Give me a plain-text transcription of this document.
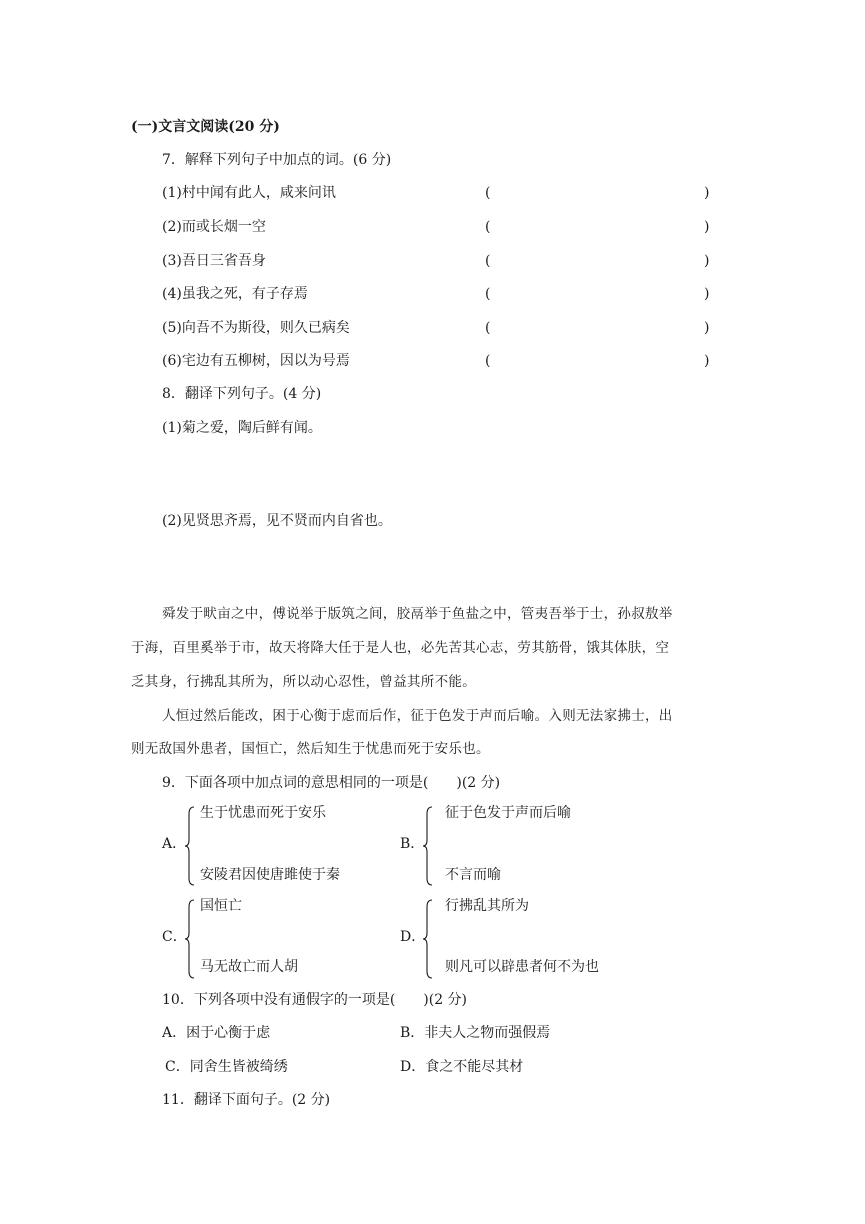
(一)文言文阅读(20 分)
7．解释下列句子中加点的词。(6 分)
(1)村中闻有此人，咸来问讯	(	)
(2)而或长烟一空	(	)
(3)吾日三省吾身	(	)
(4)虽我之死，有子存焉	(	)
(5)向吾不为斯役，则久已病矣	(	)
(6)宅边有五柳树，因以为号焉	(	)
8．翻译下列句子。(4 分)
(1)菊之爱，陶后鲜有闻。
(2)见贤思齐焉，见不贤而内自省也。
舜发于畎亩之中，傅说举于版筑之间，胶鬲举于鱼盐之中，管夷吾举于士，孙叔敖举
于海，百里奚举于市，故天将降大任于是人也，必先苦其心志，劳其筋骨，饿其体肤，空
乏其身，行拂乱其所为，所以动心忍性，曾益其所不能。
人恒过然后能改，困于心衡于虑而后作，征于色发于声而后喻。入则无法家拂士，出
则无敌国外患者，国恒亡，然后知生于忧患而死于安乐也。
9．下面各项中加点词的意思相同的一项是(　　)(2 分)
A．
生于忧患而死于安乐
安陵君因使唐雎使于秦
B．
征于色发于声而后喻
不言而喻
C．
国恒亡
马无故亡而人胡
D．
行拂乱其所为
则凡可以辟患者何不为也
10．下列各项中没有通假字的一项是(　　)(2 分)
A．困于心衡于虑	B．非夫人之物而强假焉
C．同舍生皆被绮绣	D．食之不能尽其材
11．翻译下面句子。(2 分)
